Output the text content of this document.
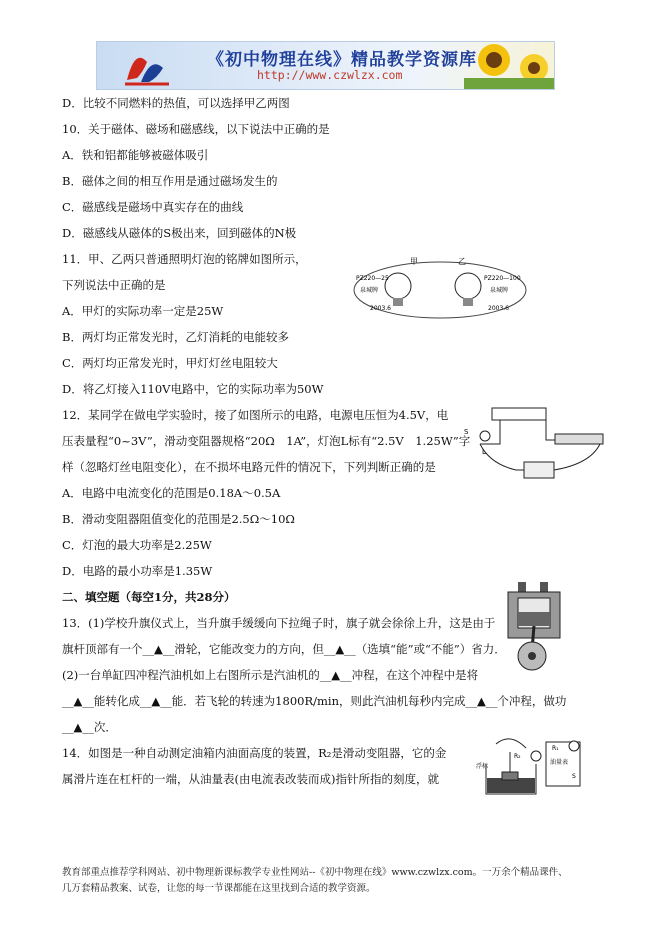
《初中物理在线》精品教学资源库
http://www.czwlzx.com
D．比较不同燃料的热值，可以选择甲乙两图
10．关于磁体、磁场和磁感线，以下说法中正确的是
A．铁和铝都能够被磁体吸引
B．磁体之间的相互作用是通过磁场发生的
C．磁感线是磁场中真实存在的曲线
D．磁感线从磁体的S极出来，回到磁体的N极
11．甲、乙两只普通照明灯泡的铭牌如图所示，
下列说法中正确的是
A．甲灯的实际功率一定是25W
B．两灯均正常发光时，乙灯消耗的电能较多
C．两灯均正常发光时，甲灯灯丝电阻较大
D．将乙灯接入110V电路中，它的实际功率为50W
12．某同学在做电学实验时，接了如图所示的电路，电源电压恒为4.5V，电
压表量程“0~3V”，滑动变阻器规格“20Ω　1A”，灯泡L标有“2.5V　1.25W”字
样（忽略灯丝电阻变化），在不损坏电路元件的情况下，下列判断正确的是
A．电路中电流变化的范围是0.18A～0.5A
B．滑动变阻器阻值变化的范围是2.5Ω～10Ω
C．灯泡的最大功率是2.25W
D．电路的最小功率是1.35W
二、填空题（每空1分，共28分）
13．(1)学校升旗仪式上，当升旗手缓缓向下拉绳子时，旗子就会徐徐上升，这是由于
旗杆顶部有一个__▲__滑轮，它能改变力的方向，但__▲__（选填“能”或“不能”）省力．
(2)一台单缸四冲程汽油机如上右图所示是汽油机的__▲__冲程，在这个冲程中是将
__▲__能转化成__▲__能．若飞轮的转速为1800R/min，则此汽油机每秒内完成__▲__个冲程，做功
__▲__次．
14．如图是一种自动测定油箱内油面高度的装置，R₂是滑动变阻器，它的金
属滑片连在杠杆的一端，从油量表(由电流表改装而成)指针所指的刻度，就
甲	乙
PZ220—25	PZ220—100
泉城牌	泉城牌
2003.6	2003.6
S
L
浮标
R₁
R₂
油量表
S
教育部重点推荐学科网站、初中物理新课标教学专业性网站--《初中物理在线》www.czwlzx.com。一万余个精品课件、
几万套精品教案、试卷，让您的每一节课都能在这里找到合适的教学资源。
